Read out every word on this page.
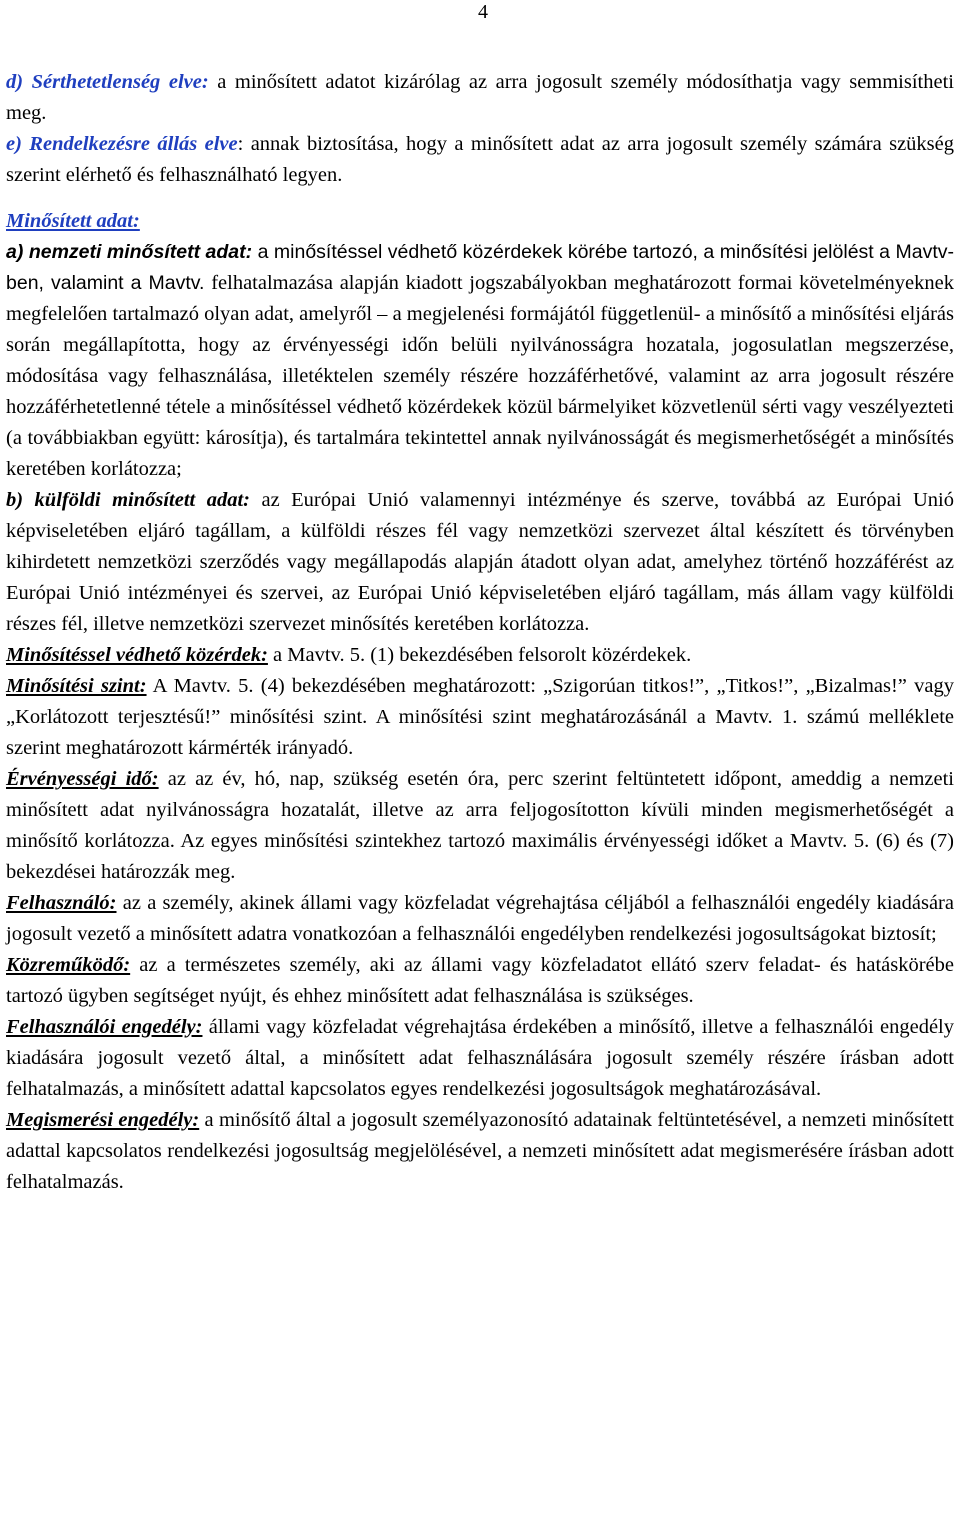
4

d) Sérthetetlenség elve: a minősített adatot kizárólag az arra jogosult személy módosíthatja vagy semmisítheti meg.

e) Rendelkezésre állás elve: annak biztosítása, hogy a minősített adat az arra jogosult személy számára szükség szerint elérhető és felhasználható legyen.

Minősített adat:

a) nemzeti minősített adat: a minősítéssel védhető közérdekek körébe tartozó, a minősítési jelölést a Mavtv-ben, valamint a Mavtv. felhatalmazása alapján kiadott jogszabályokban meghatározott formai követelményeknek megfelelően tartalmazó olyan adat, amelyről – a megjelenési formájától függetlenül- a minősítő a minősítési eljárás során megállapította, hogy az érvényességi időn belüli nyilvánosságra hozatala, jogosulatlan megszerzése, módosítása vagy felhasználása, illetéktelen személy részére hozzáférhetővé, valamint az arra jogosult részére hozzáférhetetlenné tétele a minősítéssel védhető közérdekek közül bármelyiket közvetlenül sérti vagy veszélyezteti (a továbbiakban együtt: károsítja), és tartalmára tekintettel annak nyilvánosságát és megismerhetőségét a minősítés keretében korlátozza;

b) külföldi minősített adat: az Európai Unió valamennyi intézménye és szerve, továbbá az Európai Unió képviseletében eljáró tagállam, a külföldi részes fél vagy nemzetközi szervezet által készített és törvényben kihirdetett nemzetközi szerződés vagy megállapodás alapján átadott olyan adat, amelyhez történő hozzáférést az Európai Unió intézményei és szervei, az Európai Unió képviseletében eljáró tagállam, más állam vagy külföldi részes fél, illetve nemzetközi szervezet minősítés keretében korlátozza.

Minősítéssel védhető közérdek: a Mavtv. 5. (1) bekezdésében felsorolt közérdekek.

Minősítési szint: A Mavtv. 5. (4) bekezdésében meghatározott: „Szigorúan titkos!”, „Titkos!”, „Bizalmas!” vagy „Korlátozott terjesztésű!” minősítési szint. A minősítési szint meghatározásánál a Mavtv. 1. számú melléklete szerint meghatározott kármérték irányadó.

Érvényességi idő: az az év, hó, nap, szükség esetén óra, perc szerint feltüntetett időpont, ameddig a nemzeti minősített adat nyilvánosságra hozatalát, illetve az arra feljogosítotton kívüli minden megismerhetőségét a minősítő korlátozza. Az egyes minősítési szintekhez tartozó maximális érvényességi időket a Mavtv. 5. (6) és (7) bekezdései határozzák meg.

Felhasználó: az a személy, akinek állami vagy közfeladat végrehajtása céljából a felhasználói engedély kiadására jogosult vezető a minősített adatra vonatkozóan a felhasználói engedélyben rendelkezési jogosultságokat biztosít;

Közreműködő: az a természetes személy, aki az állami vagy közfeladatot ellátó szerv feladat- és hatáskörébe tartozó ügyben segítséget nyújt, és ehhez minősített adat felhasználása is szükséges.

Felhasználói engedély: állami vagy közfeladat végrehajtása érdekében a minősítő, illetve a felhasználói engedély kiadására jogosult vezető által, a minősített adat felhasználására jogosult személy részére írásban adott felhatalmazás, a minősített adattal kapcsolatos egyes rendelkezési jogosultságok meghatározásával.

Megismerési engedély: a minősítő által a jogosult személyazonosító adatainak feltüntetésével, a nemzeti minősített adattal kapcsolatos rendelkezési jogosultság megjelölésével, a nemzeti minősített adat megismerésére írásban adott felhatalmazás.
